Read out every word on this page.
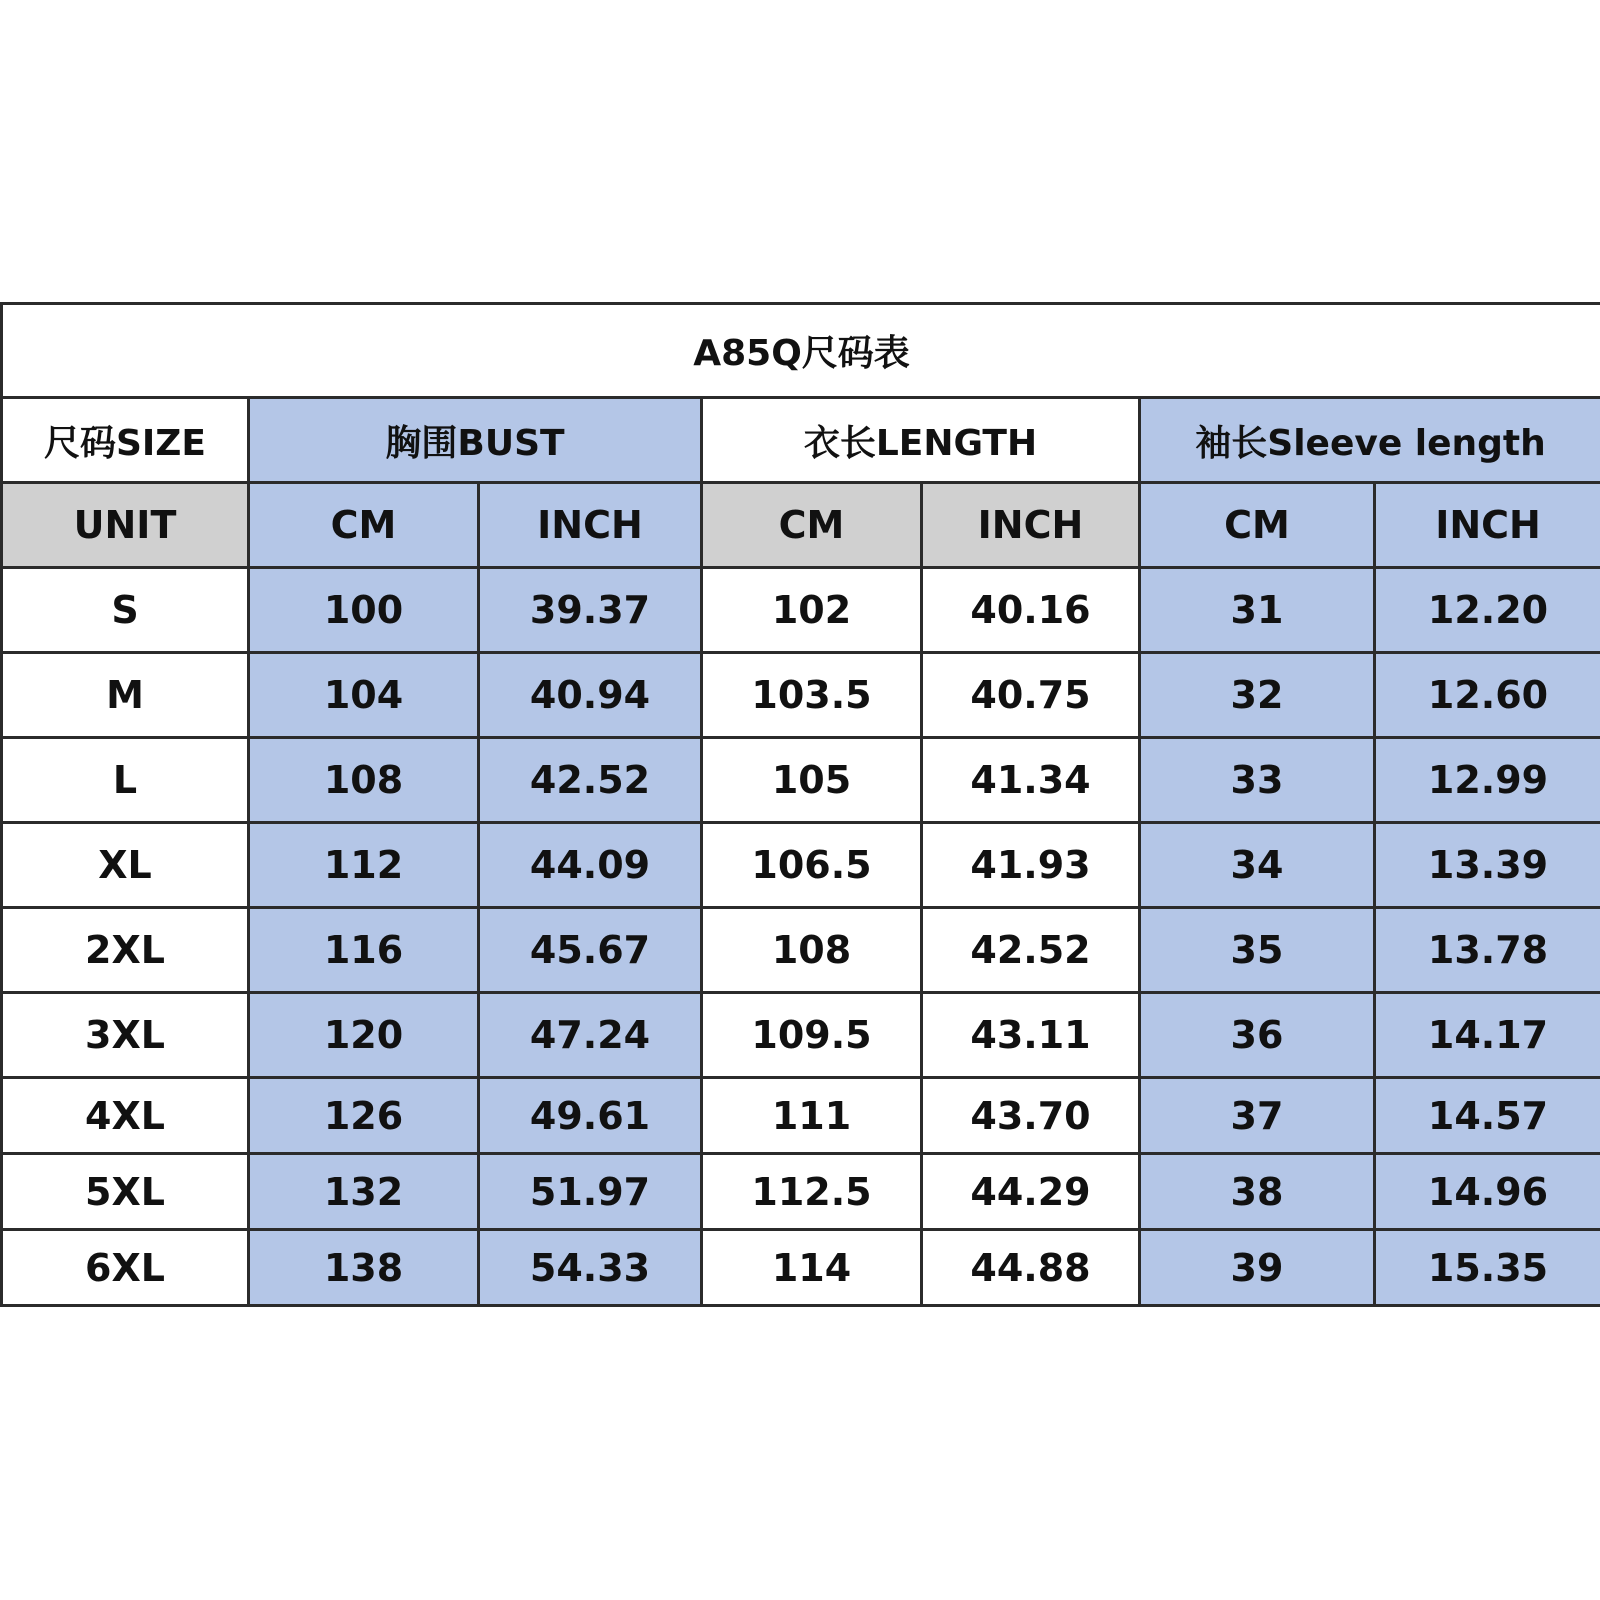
A85Q尺码表						
尺码SIZE	胸围BUST		衣长LENGTH		袖长Sleeve length	
UNIT	CM	INCH	CM	INCH	CM	INCH
S	100	39.37	102	40.16	31	12.20
M	104	40.94	103.5	40.75	32	12.60
L	108	42.52	105	41.34	33	12.99
XL	112	44.09	106.5	41.93	34	13.39
2XL	116	45.67	108	42.52	35	13.78
3XL	120	47.24	109.5	43.11	36	14.17
4XL	126	49.61	111	43.70	37	14.57
5XL	132	51.97	112.5	44.29	38	14.96
6XL	138	54.33	114	44.88	39	15.35
